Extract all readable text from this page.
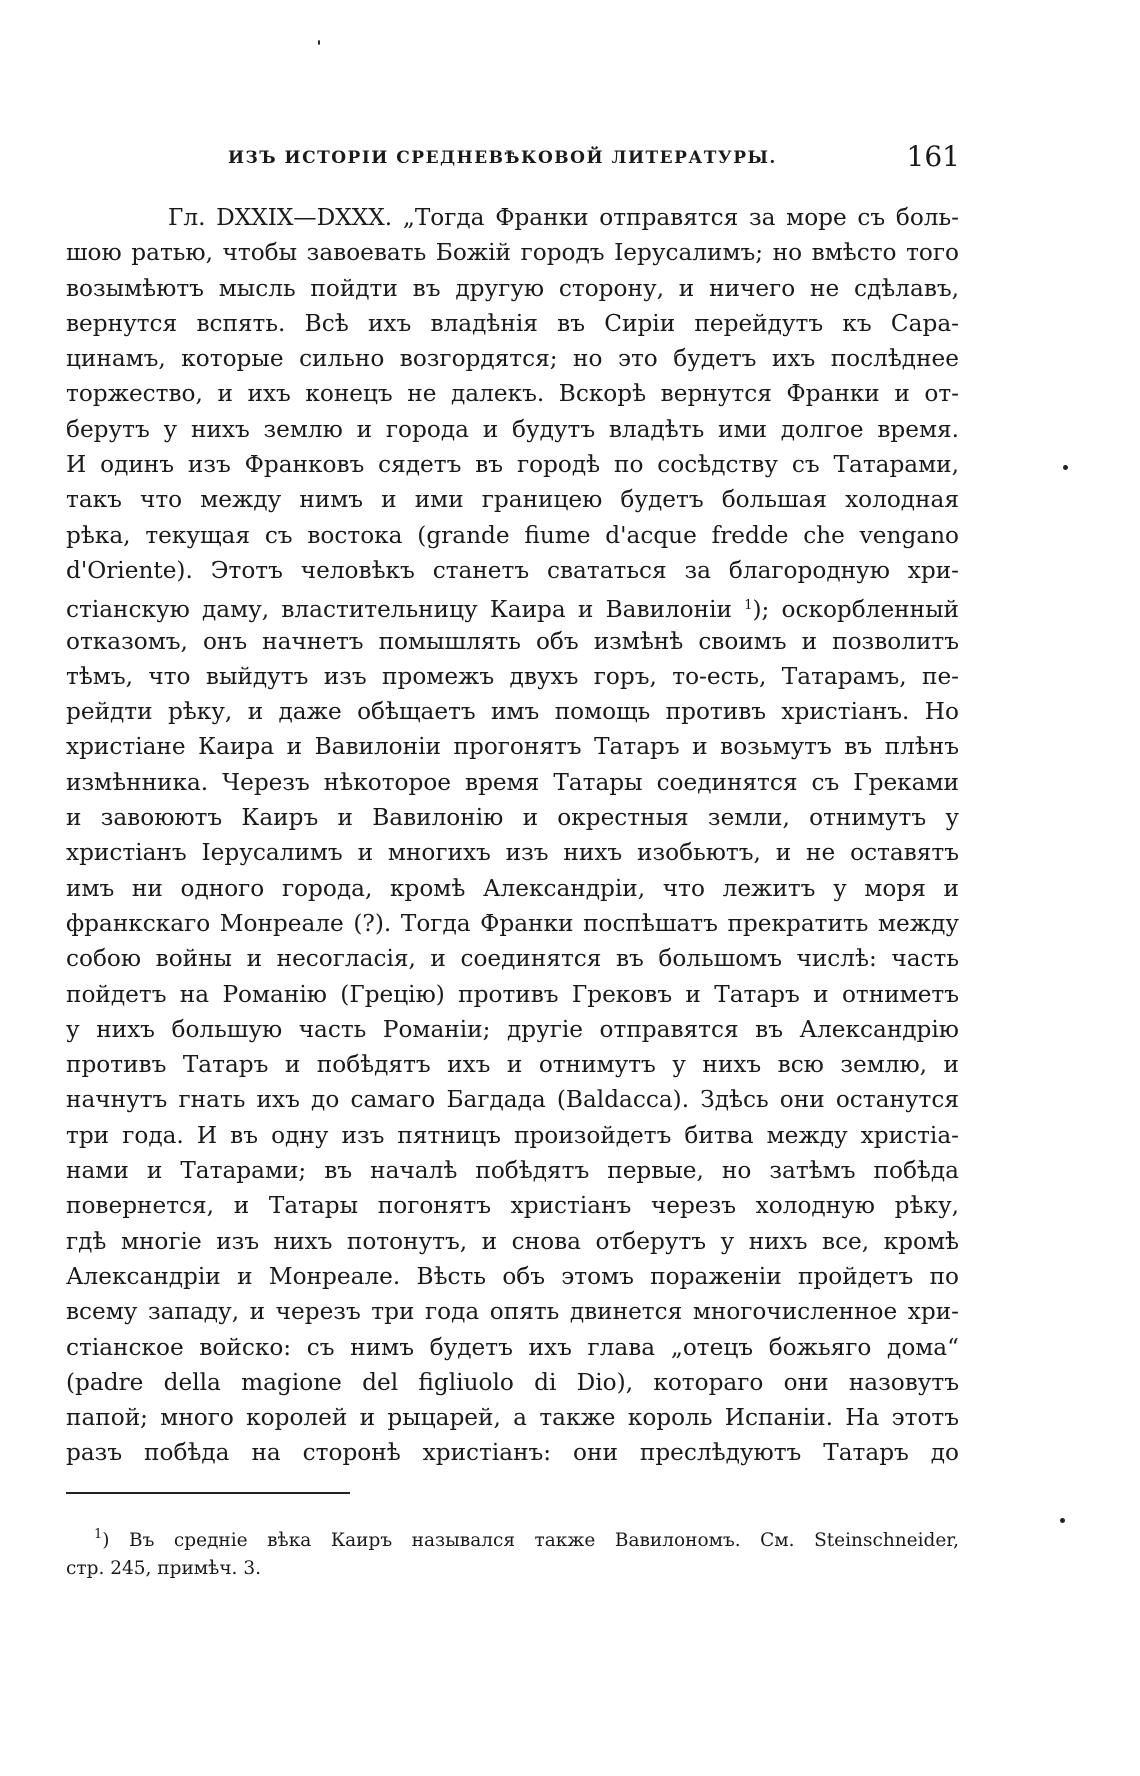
ИЗЪ ИСТОРІИ СРЕДНЕВѢКОВОЙ ЛИТЕРАТУРЫ.	161
Гл. DXXIX—DXXX. „Тогда Франки отправятся за море съ боль-
шою ратью, чтобы завоевать Божій городъ Іерусалимъ; но вмѣсто того
возымѣютъ мысль пойдти въ другую сторону, и ничего не сдѣлавъ,
вернутся вспять. Всѣ ихъ владѣнія въ Сиріи перейдутъ къ Сара-
цинамъ, которые сильно возгордятся; но это будетъ ихъ послѣднее
торжество, и ихъ конецъ не далекъ. Вскорѣ вернутся Франки и от-
берутъ у нихъ землю и города и будутъ владѣть ими долгое время.
И одинъ изъ Франковъ сядетъ въ городѣ по сосѣдству съ Татарами,
такъ что между нимъ и ими границею будетъ большая холодная
рѣка, текущая съ востока (grande fiume d'acque fredde che vengano
d'Oriente). Этотъ человѣкъ станетъ свататься за благородную хри-
стіанскую даму, властительницу Каира и Вавилоніи $^1$); оскорбленный
отказомъ, онъ начнетъ помышлять объ измѣнѣ своимъ и позволитъ
тѣмъ, что выйдутъ изъ промежъ двухъ горъ, то-есть, Татарамъ, пе-
рейдти рѣку, и даже обѣщаетъ имъ помощь противъ христіанъ. Но
христіане Каира и Вавилоніи прогонятъ Татаръ и возьмутъ въ плѣнъ
измѣнника. Черезъ нѣкоторое время Татары соединятся съ Греками
и завоюютъ Каиръ и Вавилонію и окрестныя земли, отнимутъ у
христіанъ Іерусалимъ и многихъ изъ нихъ изобьютъ, и не оставятъ
имъ ни одного города, кромѣ Александріи, что лежитъ у моря и
франкскаго Монреале (?). Тогда Франки поспѣшатъ прекратить между
собою войны и несогласія, и соединятся въ большомъ числѣ: часть
пойдетъ на Романію (Грецію) противъ Грековъ и Татаръ и отниметъ
у нихъ большую часть Романіи; другіе отправятся въ Александрію
противъ Татаръ и побѣдятъ ихъ и отнимутъ у нихъ всю землю, и
начнутъ гнать ихъ до самаго Багдада (Baldacca). Здѣсь они останутся
три года. И въ одну изъ пятницъ произойдетъ битва между христіа-
нами и Татарами; въ началѣ побѣдятъ первые, но затѣмъ побѣда
повернется, и Татары погонятъ христіанъ черезъ холодную рѣку,
гдѣ многіе изъ нихъ потонутъ, и снова отберутъ у нихъ все, кромѣ
Александріи и Монреале. Вѣсть объ этомъ пораженіи пройдетъ по
всему западу, и черезъ три года опять двинется многочисленное хри-
стіанское войско: съ нимъ будетъ ихъ глава „отецъ божьяго дома“
(padre della magione del figliuolo di Dio), котораго они назовутъ
папой; много королей и рыцарей, а также король Испаніи. На этотъ
разъ побѣда на сторонѣ христіанъ: они преслѣдуютъ Татаръ до
$^1$) Въ средніе вѣка Каиръ назывался также Вавилономъ. См. Steinschneider,
стр. 245, примѣч. 3.
